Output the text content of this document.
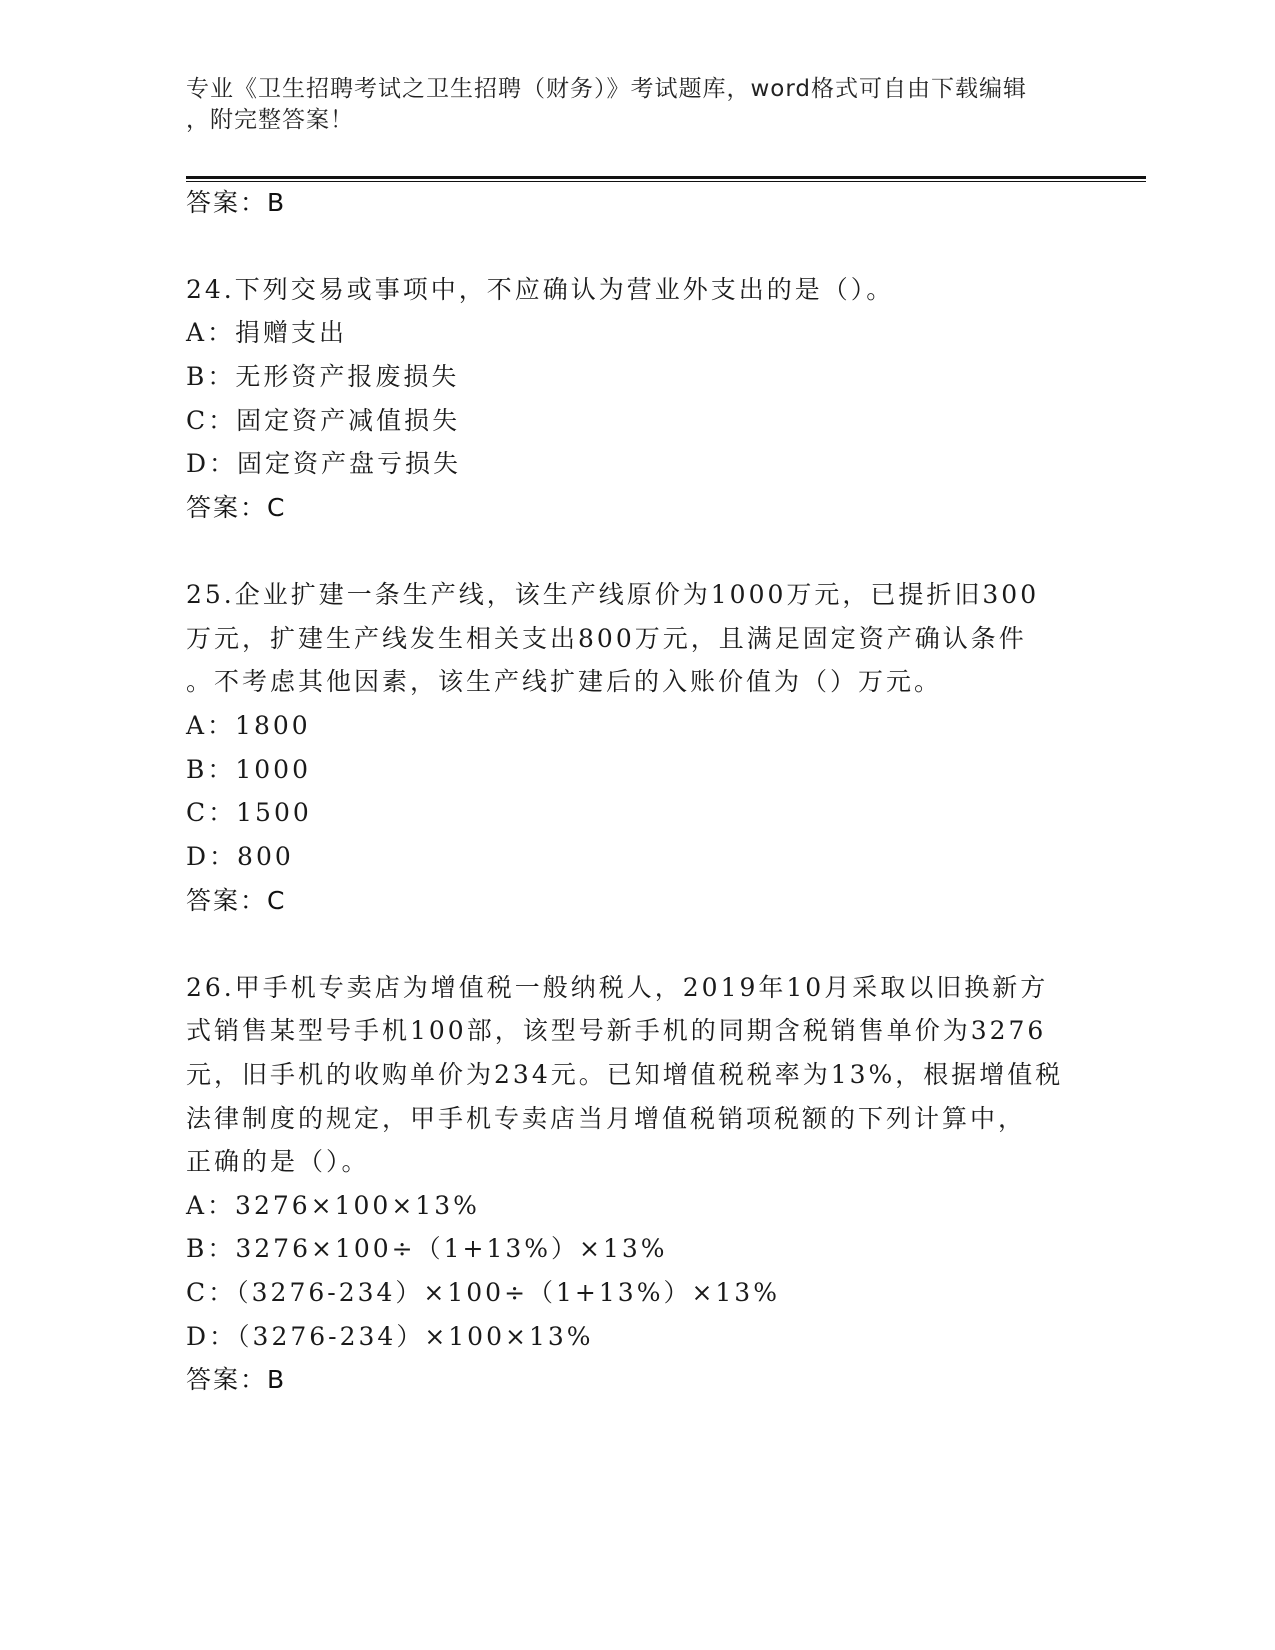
专业《卫生招聘考试之卫生招聘（财务）》考试题库，word格式可自由下载编辑
，附完整答案！
答案：B
24.下列交易或事项中，不应确认为营业外支出的是（）。
A：捐赠支出
B：无形资产报废损失
C：固定资产减值损失
D：固定资产盘亏损失
答案：C
25.企业扩建一条生产线，该生产线原价为1000万元，已提折旧300
万元，扩建生产线发生相关支出800万元，且满足固定资产确认条件
。不考虑其他因素，该生产线扩建后的入账价值为（）万元。
A：1800
B：1000
C：1500
D：800
答案：C
26.甲手机专卖店为增值税一般纳税人，2019年10月采取以旧换新方
式销售某型号手机100部，该型号新手机的同期含税销售单价为3276
元，旧手机的收购单价为234元。已知增值税税率为13%，根据增值税
法律制度的规定，甲手机专卖店当月增值税销项税额的下列计算中，
正确的是（）。
A：3276×100×13%
B：3276×100÷（1+13%）×13%
C：（3276-234）×100÷（1+13%）×13%
D：（3276-234）×100×13%
答案：B
